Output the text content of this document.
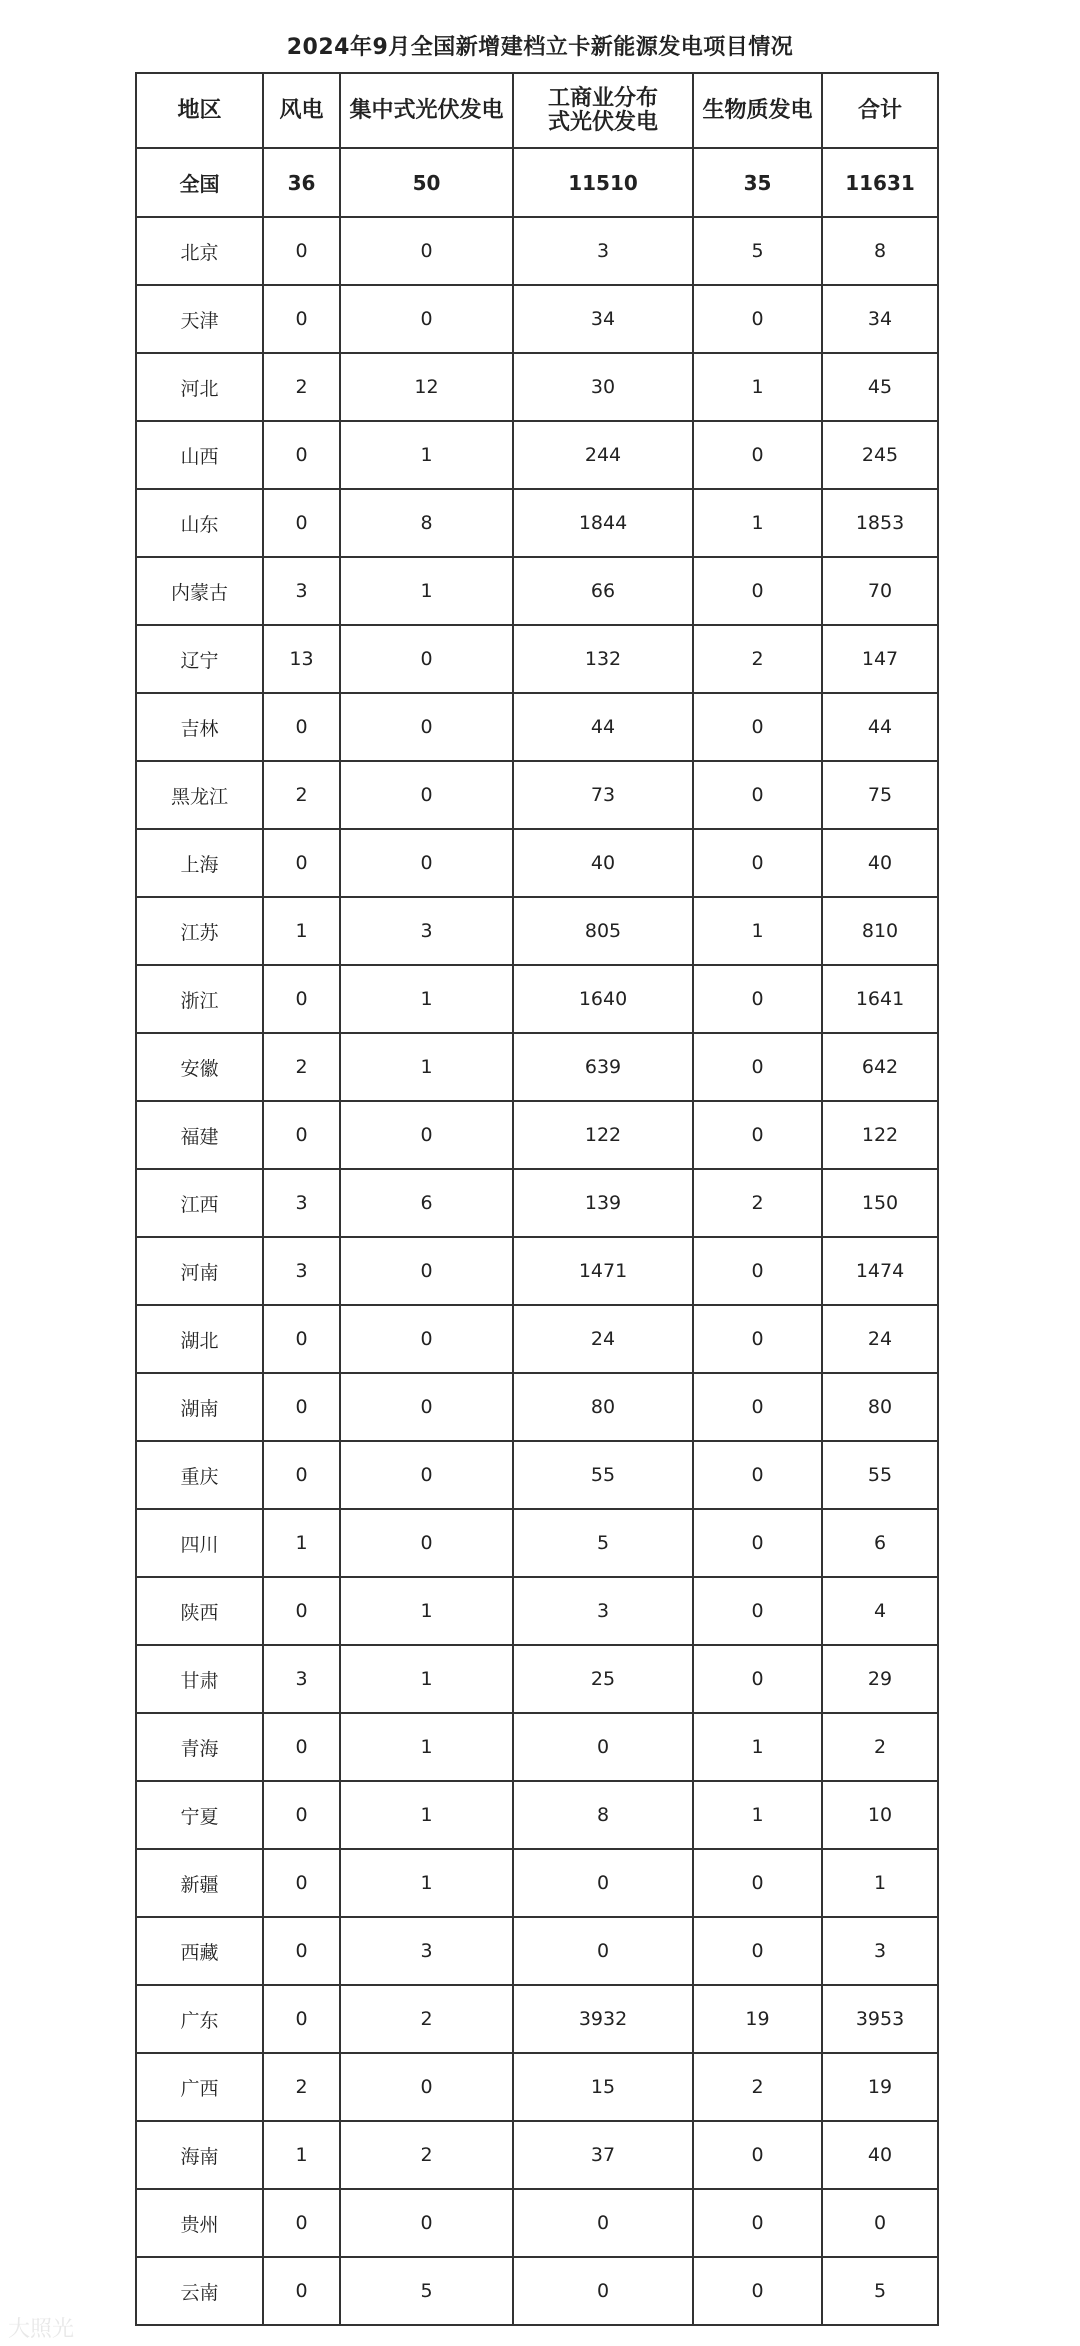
2024年9月全国新增建档立卡新能源发电项目情况
地区	风电	集中式光伏发电	工商业分布式光伏发电	生物质发电	合计
全国	36	50	11510	35	11631
北京	0	0	3	5	8
天津	0	0	34	0	34
河北	2	12	30	1	45
山西	0	1	244	0	245
山东	0	8	1844	1	1853
内蒙古	3	1	66	0	70
辽宁	13	0	132	2	147
吉林	0	0	44	0	44
黑龙江	2	0	73	0	75
上海	0	0	40	0	40
江苏	1	3	805	1	810
浙江	0	1	1640	0	1641
安徽	2	1	639	0	642
福建	0	0	122	0	122
江西	3	6	139	2	150
河南	3	0	1471	0	1474
湖北	0	0	24	0	24
湖南	0	0	80	0	80
重庆	0	0	55	0	55
四川	1	0	5	0	6
陕西	0	1	3	0	4
甘肃	3	1	25	0	29
青海	0	1	0	1	2
宁夏	0	1	8	1	10
新疆	0	1	0	0	1
西藏	0	3	0	0	3
广东	0	2	3932	19	3953
广西	2	0	15	2	19
海南	1	2	37	0	40
贵州	0	0	0	0	0
云南	0	5	0	0	5
大照光
